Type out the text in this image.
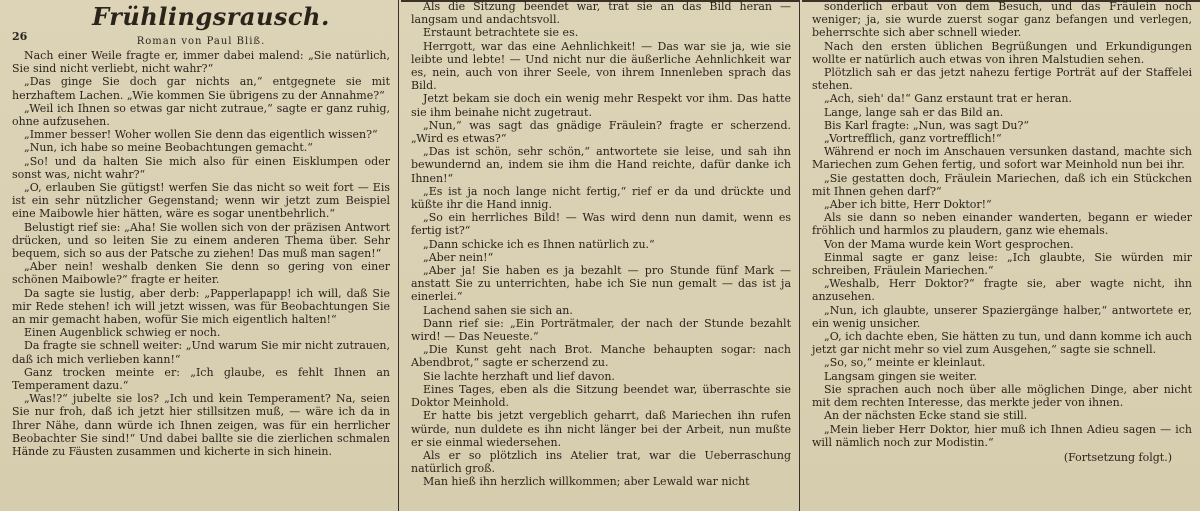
Frühlingsrausch.
26	Roman von Paul Bliß.

Nach einer Weile fragte er, immer dabei malend: „Sie natürlich, Sie sind nicht verliebt, nicht wahr?“

„Das ginge Sie doch gar nichts an,“ entgegnete sie mit herzhaftem Lachen. „Wie kommen Sie übrigens zu der Annahme?“

„Weil ich Ihnen so etwas gar nicht zutraue,“ sagte er ganz ruhig, ohne aufzusehen.

„Immer besser! Woher wollen Sie denn das eigentlich wissen?“

„Nun, ich habe so meine Beobachtungen gemacht.“

„So! und da halten Sie mich also für einen Eisklumpen oder sonst was, nicht wahr?“

„O, erlauben Sie gütigst! werfen Sie das nicht so weit fort — Eis ist ein sehr nützlicher Gegenstand; wenn wir jetzt zum Beispiel eine Maibowle hier hätten, wäre es sogar unentbehrlich.“

Belustigt rief sie: „Aha! Sie wollen sich von der präzisen Antwort drücken, und so leiten Sie zu einem anderen Thema über. Sehr bequem, sich so aus der Patsche zu ziehen! Das muß man sagen!“

„Aber nein! weshalb denken Sie denn so gering von einer schönen Maibowle?“ fragte er heiter.

Da sagte sie lustig, aber derb: „Papperlapapp! ich will, daß Sie mir Rede stehen! ich will jetzt wissen, was für Beobachtungen Sie an mir gemacht haben, wofür Sie mich eigentlich halten!“

Einen Augenblick schwieg er noch.

Da fragte sie schnell weiter: „Und warum Sie mir nicht zutrauen, daß ich mich verlieben kann!“

Ganz trocken meinte er: „Ich glaube, es fehlt Ihnen an Temperament dazu.“

„Was!?“ jubelte sie los? „Ich und kein Temperament? Na, seien Sie nur froh, daß ich jetzt hier stillsitzen muß, — wäre ich da in Ihrer Nähe, dann würde ich Ihnen zeigen, was für ein herrlicher Beobachter Sie sind!“ Und dabei ballte sie die zierlichen schmalen Hände zu Fäusten zusammen und kicherte in sich hinein.

Als die Sitzung beendet war, trat sie an das Bild heran — langsam und andachtsvoll.

Erstaunt betrachtete sie es.

Herrgott, war das eine Aehnlichkeit! — Das war sie ja, wie sie leibte und lebte! — Und nicht nur die äußerliche Aehnlichkeit war es, nein, auch von ihrer Seele, von ihrem Innenleben sprach das Bild.

Jetzt bekam sie doch ein wenig mehr Respekt vor ihm. Das hatte sie ihm beinahe nicht zugetraut.

„Nun,“ was sagt das gnädige Fräulein? fragte er scherzend. „Wird es etwas?“

„Das ist schön, sehr schön,“ antwortete sie leise, und sah ihn bewundernd an, indem sie ihm die Hand reichte, dafür danke ich Ihnen!“

„Es ist ja noch lange nicht fertig,“ rief er da und drückte und küßte ihr die Hand innig.

„So ein herrliches Bild! — Was wird denn nun damit, wenn es fertig ist?“

„Dann schicke ich es Ihnen natürlich zu.“

„Aber nein!“

„Aber ja! Sie haben es ja bezahlt — pro Stunde fünf Mark — anstatt Sie zu unterrichten, habe ich Sie nun gemalt — das ist ja einerlei.“

Lachend sahen sie sich an.

Dann rief sie: „Ein Porträtmaler, der nach der Stunde bezahlt wird! — Das Neueste.“

„Die Kunst geht nach Brot. Manche behaupten sogar: nach Abendbrot,“ sagte er scherzend zu.

Sie lachte herzhaft und lief davon.

Eines Tages, eben als die Sitzung beendet war, überraschte sie Doktor Meinhold.

Er hatte bis jetzt vergeblich geharrt, daß Mariechen ihn rufen würde, nun duldete es ihn nicht länger bei der Arbeit, nun mußte er sie einmal wiedersehen.

Als er so plötzlich ins Atelier trat, war die Ueberraschung natürlich groß.

Man hieß ihn herzlich willkommen; aber Lewald war nicht

sonderlich erbaut von dem Besuch, und das Fräulein noch weniger; ja, sie wurde zuerst sogar ganz befangen und verlegen, beherrschte sich aber schnell wieder.

Nach den ersten üblichen Begrüßungen und Erkundigungen wollte er natürlich auch etwas von ihren Malstudien sehen.

Plötzlich sah er das jetzt nahezu fertige Porträt auf der Staffelei stehen.

„Ach, sieh' da!“ Ganz erstaunt trat er heran.

Lange, lange sah er das Bild an.

Bis Karl fragte: „Nun, was sagt Du?“

„Vortrefflich, ganz vortrefflich!“

Während er noch im Anschauen versunken dastand, machte sich Mariechen zum Gehen fertig, und sofort war Meinhold nun bei ihr.

„Sie gestatten doch, Fräulein Mariechen, daß ich ein Stückchen mit Ihnen gehen darf?“

„Aber ich bitte, Herr Doktor!“

Als sie dann so neben einander wanderten, begann er wieder fröhlich und harmlos zu plaudern, ganz wie ehemals.

Von der Mama wurde kein Wort gesprochen.

Einmal sagte er ganz leise: „Ich glaubte, Sie würden mir schreiben, Fräulein Mariechen.“

„Weshalb, Herr Doktor?“ fragte sie, aber wagte nicht, ihn anzusehen.

„Nun, ich glaubte, unserer Spaziergänge halber,“ antwortete er, ein wenig unsicher.

„O, ich dachte eben, Sie hätten zu tun, und dann komme ich auch jetzt gar nicht mehr so viel zum Ausgehen,“ sagte sie schnell.

„So, so,“ meinte er kleinlaut.

Langsam gingen sie weiter.

Sie sprachen auch noch über alle möglichen Dinge, aber nicht mit dem rechten Interesse, das merkte jeder von ihnen.

An der nächsten Ecke stand sie still.

„Mein lieber Herr Doktor, hier muß ich Ihnen Adieu sagen — ich will nämlich noch zur Modistin.“

(Fortsetzung folgt.)
